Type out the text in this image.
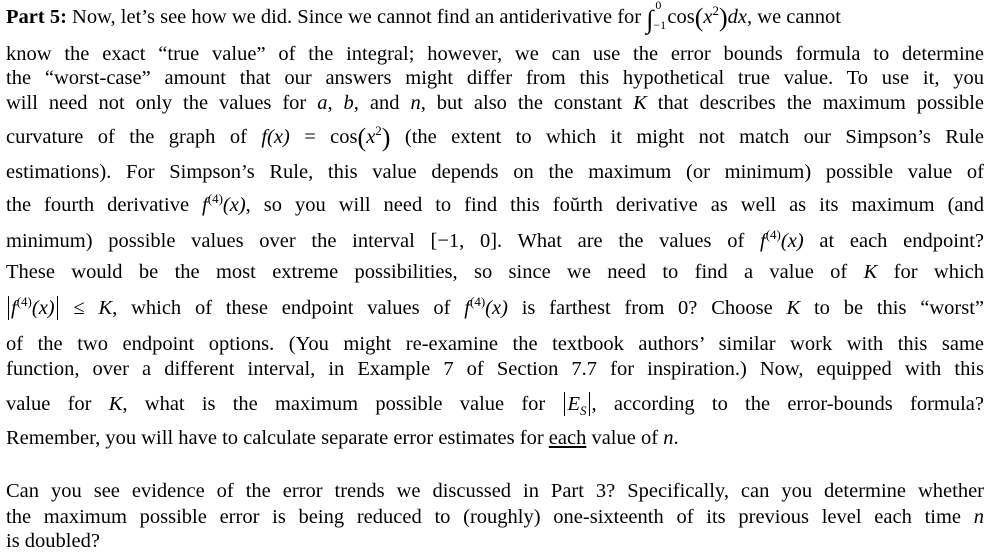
Part 5: Now, let’s see how we did. Since we cannot find an antiderivative for ∫ 0
−1 $\cos(x^2)dx$, we cannot
know the exact “true value” of the integral; however, we can use the error bounds formula to determine
the “worst-case” amount that our answers might differ from this hypothetical true value. To use it, you
will need not only the values for a, b, and n, but also the constant K that describes the maximum possible
curvature of the graph of $f(x) = \cos(x^2)$ (the extent to which it might not match our Simpson’s Rule
estimations). For Simpson’s Rule, this value depends on the maximum (or minimum) possible value of
the fourth derivative $f^{(4)}(x)$, so you will need to find this foŭrth derivative as well as its maximum (and
minimum) possible values over the interval [−1, 0]. What are the values of $f^{(4)}(x)$ at each endpoint?
These would be the most extreme possibilities, so since we need to find a value of K for which
$f^{(4)}(x) \le K$, which of these endpoint values of $f^{(4)}(x)$ is farthest from 0? Choose K to be this “worst”
of the two endpoint options. (You might re-examine the textbook authors’ similar work with this same
function, over a different interval, in Example 7 of Section 7.7 for inspiration.) Now, equipped with this
value for K, what is the maximum possible value for $E_S$ , according to the error-bounds formula?
Remember, you will have to calculate separate error estimates for each value of n.
Can you see evidence of the error trends we discussed in Part 3? Specifically, can you determine whether
the maximum possible error is being reduced to (roughly) one-sixteenth of its previous level each time n
is doubled?
